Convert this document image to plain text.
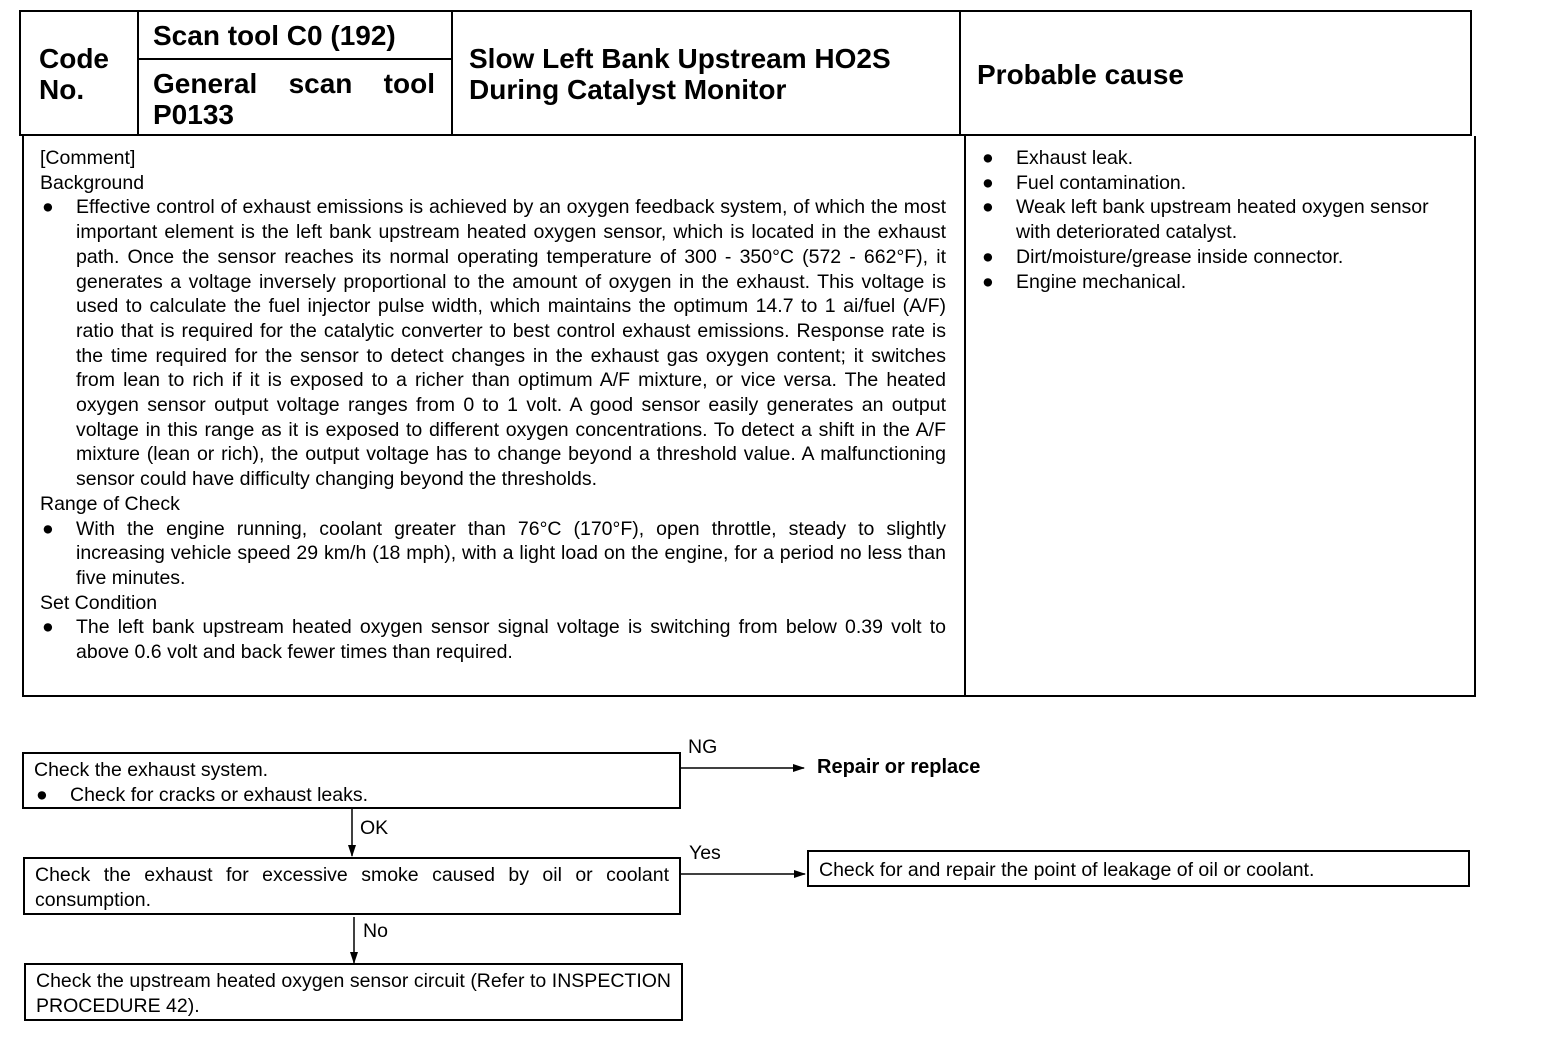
Code
No.
Scan tool C0 (192)
General scan tool
P0133
Slow Left Bank Upstream HO2S
During Catalyst Monitor	Probable cause
[Comment]
Background
● Effective control of exhaust emissions is achieved by an oxygen feedback system, of which the most important element is the left bank upstream heated oxygen sensor, which is located in the exhaust path. Once the sensor reaches its normal operating temperature of 300 - 350°C (572 - 662°F), it generates a voltage inversely proportional to the amount of oxygen in the exhaust. This voltage is used to calculate the fuel injector pulse width, which maintains the optimum 14.7 to 1 ai/fuel (A/F) ratio that is required for the catalytic converter to best control exhaust emissions. Response rate is the time required for the sensor to detect changes in the exhaust gas oxygen content; it switches from lean to rich if it is exposed to a richer than optimum A/F mixture, or vice versa. The heated oxygen sensor output voltage ranges from 0 to 1 volt. A good sensor easily generates an output voltage in this range as it is exposed to different oxygen concentrations. To detect a shift in the A/F mixture (lean or rich), the output voltage has to change beyond a threshold value. A malfunctioning sensor could have difficulty changing beyond the thresholds.
Range of Check
● With the engine running, coolant greater than 76°C (170°F), open throttle, steady to slightly increasing vehicle speed 29 km/h (18 mph), with a light load on the engine, for a period no less than five minutes.
Set Condition
● The left bank upstream heated oxygen sensor signal voltage is switching from below 0.39 volt to above 0.6 volt and back fewer times than required.
● Exhaust leak.
● Fuel contamination.
● Weak left bank upstream heated oxygen sensor with deteriorated catalyst.
● Dirt/moisture/grease inside connector.
● Engine mechanical.
Check the exhaust system.
● Check for cracks or exhaust leaks.
NG
Repair or replace
OK
Check the exhaust for excessive smoke caused by oil or coolant consumption.
Yes
Check for and repair the point of leakage of oil or coolant.
No
Check the upstream heated oxygen sensor circuit (Refer to INSPECTION PROCEDURE 42).
